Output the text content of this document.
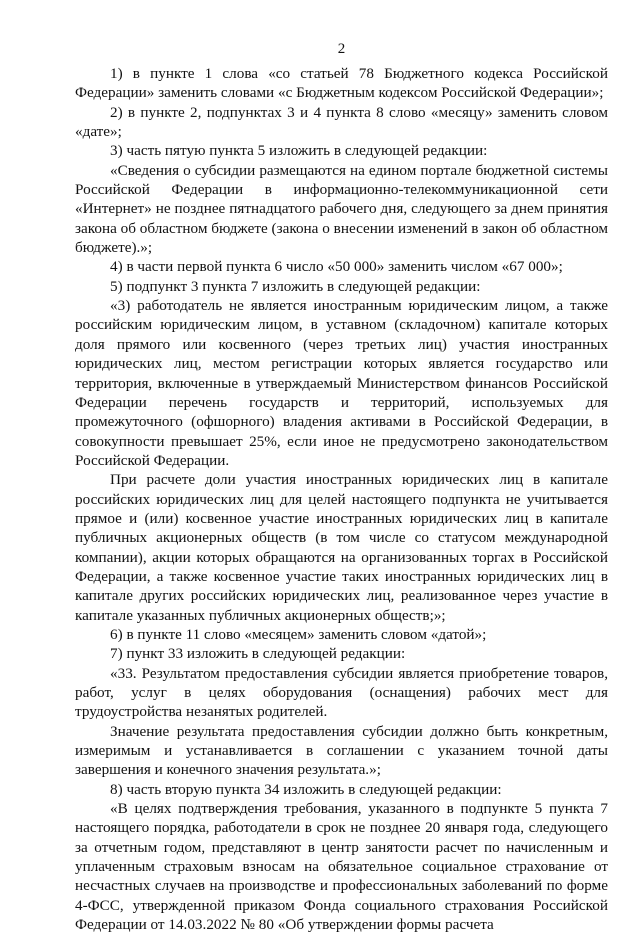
2

1) в пункте 1 слова «со статьей 78 Бюджетного кодекса Российской Федерации» заменить словами «с Бюджетным кодексом Российской Федерации»;

2) в пункте 2, подпунктах 3 и 4 пункта 8 слово «месяцу» заменить словом «дате»;

3) часть пятую пункта 5 изложить в следующей редакции:

«Сведения о субсидии размещаются на едином портале бюджетной системы Российской Федерации в информационно-телекоммуникационной сети «Интернет» не позднее пятнадцатого рабочего дня, следующего за днем принятия закона об областном бюджете (закона о внесении изменений в закон об областном бюджете).»;

4) в части первой пункта 6 число «50 000» заменить числом «67 000»;

5) подпункт 3 пункта 7 изложить в следующей редакции:

«3) работодатель не является иностранным юридическим лицом, а также российским юридическим лицом, в уставном (складочном) капитале которых доля прямого или косвенного (через третьих лиц) участия иностранных юридических лиц, местом регистрации которых является государство или территория, включенные в утверждаемый Министерством финансов Российской Федерации перечень государств и территорий, используемых для промежуточного (офшорного) владения активами в Российской Федерации, в совокупности превышает 25%, если иное не предусмотрено законодательством Российской Федерации.

При расчете доли участия иностранных юридических лиц в капитале российских юридических лиц для целей настоящего подпункта не учитывается прямое и (или) косвенное участие иностранных юридических лиц в капитале публичных акционерных обществ (в том числе со статусом международной компании), акции которых обращаются на организованных торгах в Российской Федерации, а также косвенное участие таких иностранных юридических лиц в капитале других российских юридических лиц, реализованное через участие в капитале указанных публичных акционерных обществ;»;

6) в пункте 11 слово «месяцем» заменить словом «датой»;

7) пункт 33 изложить в следующей редакции:

«33. Результатом предоставления субсидии является приобретение товаров, работ, услуг в целях оборудования (оснащения) рабочих мест для трудоустройства незанятых родителей.

Значение результата предоставления субсидии должно быть конкретным, измеримым и устанавливается в соглашении с указанием точной даты завершения и конечного значения результата.»;

8) часть вторую пункта 34 изложить в следующей редакции:

«В целях подтверждения требования, указанного в подпункте 5 пункта 7 настоящего порядка, работодатели в срок не позднее 20 января года, следующего за отчетным годом, представляют в центр занятости расчет по начисленным и уплаченным страховым взносам на обязательное социальное страхование от несчастных случаев на производстве и профессиональных заболеваний по форме 4-ФСС, утвержденной приказом Фонда социального страхования Российской Федерации от 14.03.2022 № 80 «Об утверждении формы расчета
